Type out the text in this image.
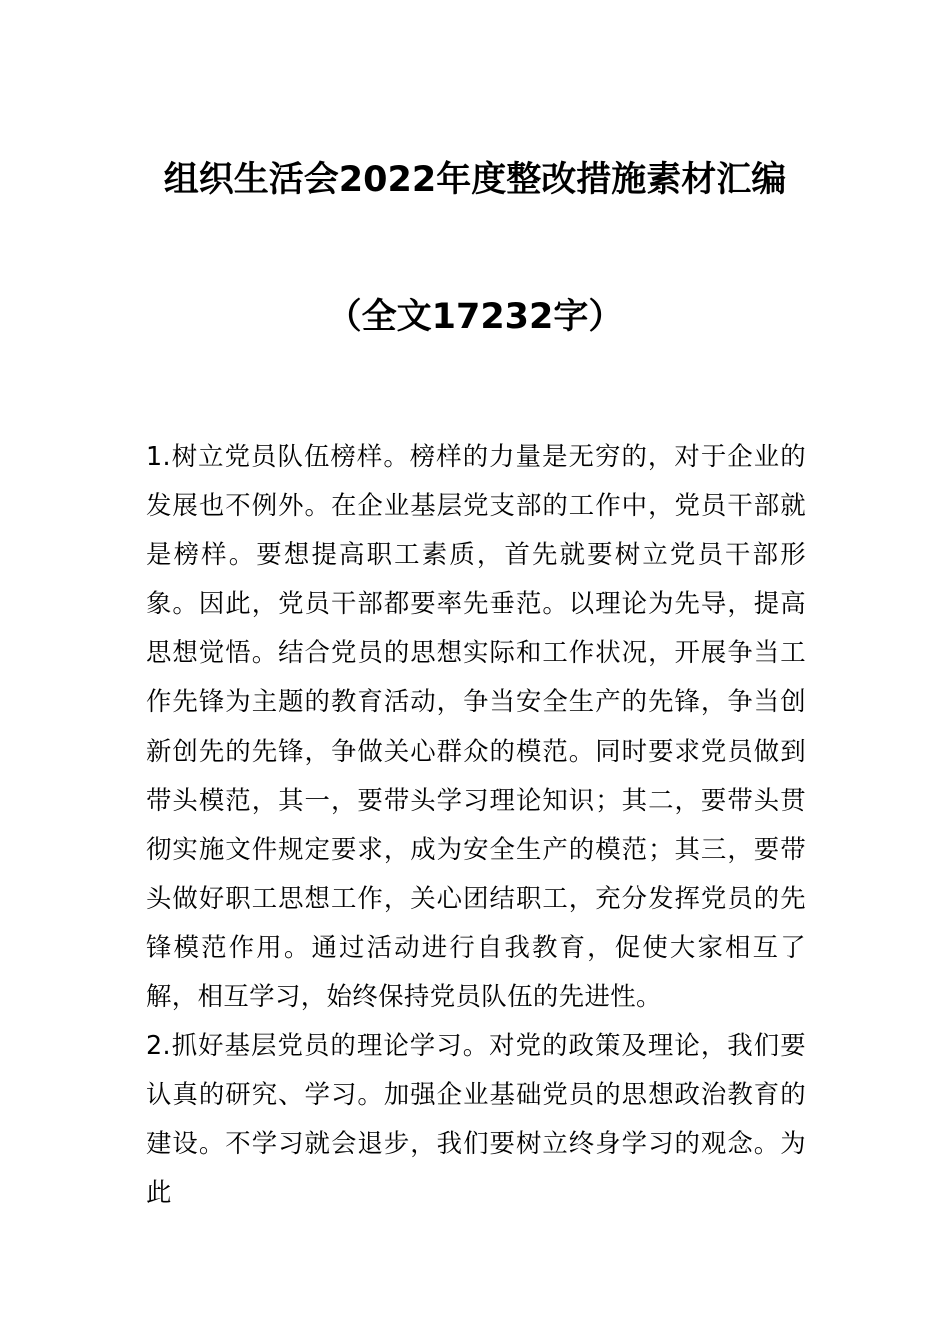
组织生活会2022年度整改措施素材汇编
（全文17232字）

1.树立党员队伍榜样。榜样的力量是无穷的，对于企业的发展也不例外。在企业基层党支部的工作中，党员干部就是榜样。要想提高职工素质，首先就要树立党员干部形象。因此，党员干部都要率先垂范。以理论为先导，提高思想觉悟。结合党员的思想实际和工作状况，开展争当工作先锋为主题的教育活动，争当安全生产的先锋，争当创新创先的先锋，争做关心群众的模范。同时要求党员做到带头模范，其一，要带头学习理论知识；其二，要带头贯彻实施文件规定要求，成为安全生产的模范；其三，要带头做好职工思想工作，关心团结职工，充分发挥党员的先锋模范作用。通过活动进行自我教育，促使大家相互了解，相互学习，始终保持党员队伍的先进性。

2.抓好基层党员的理论学习。对党的政策及理论，我们要认真的研究、学习。加强企业基础党员的思想政治教育的建设。不学习就会退步，我们要树立终身学习的观念。为此
